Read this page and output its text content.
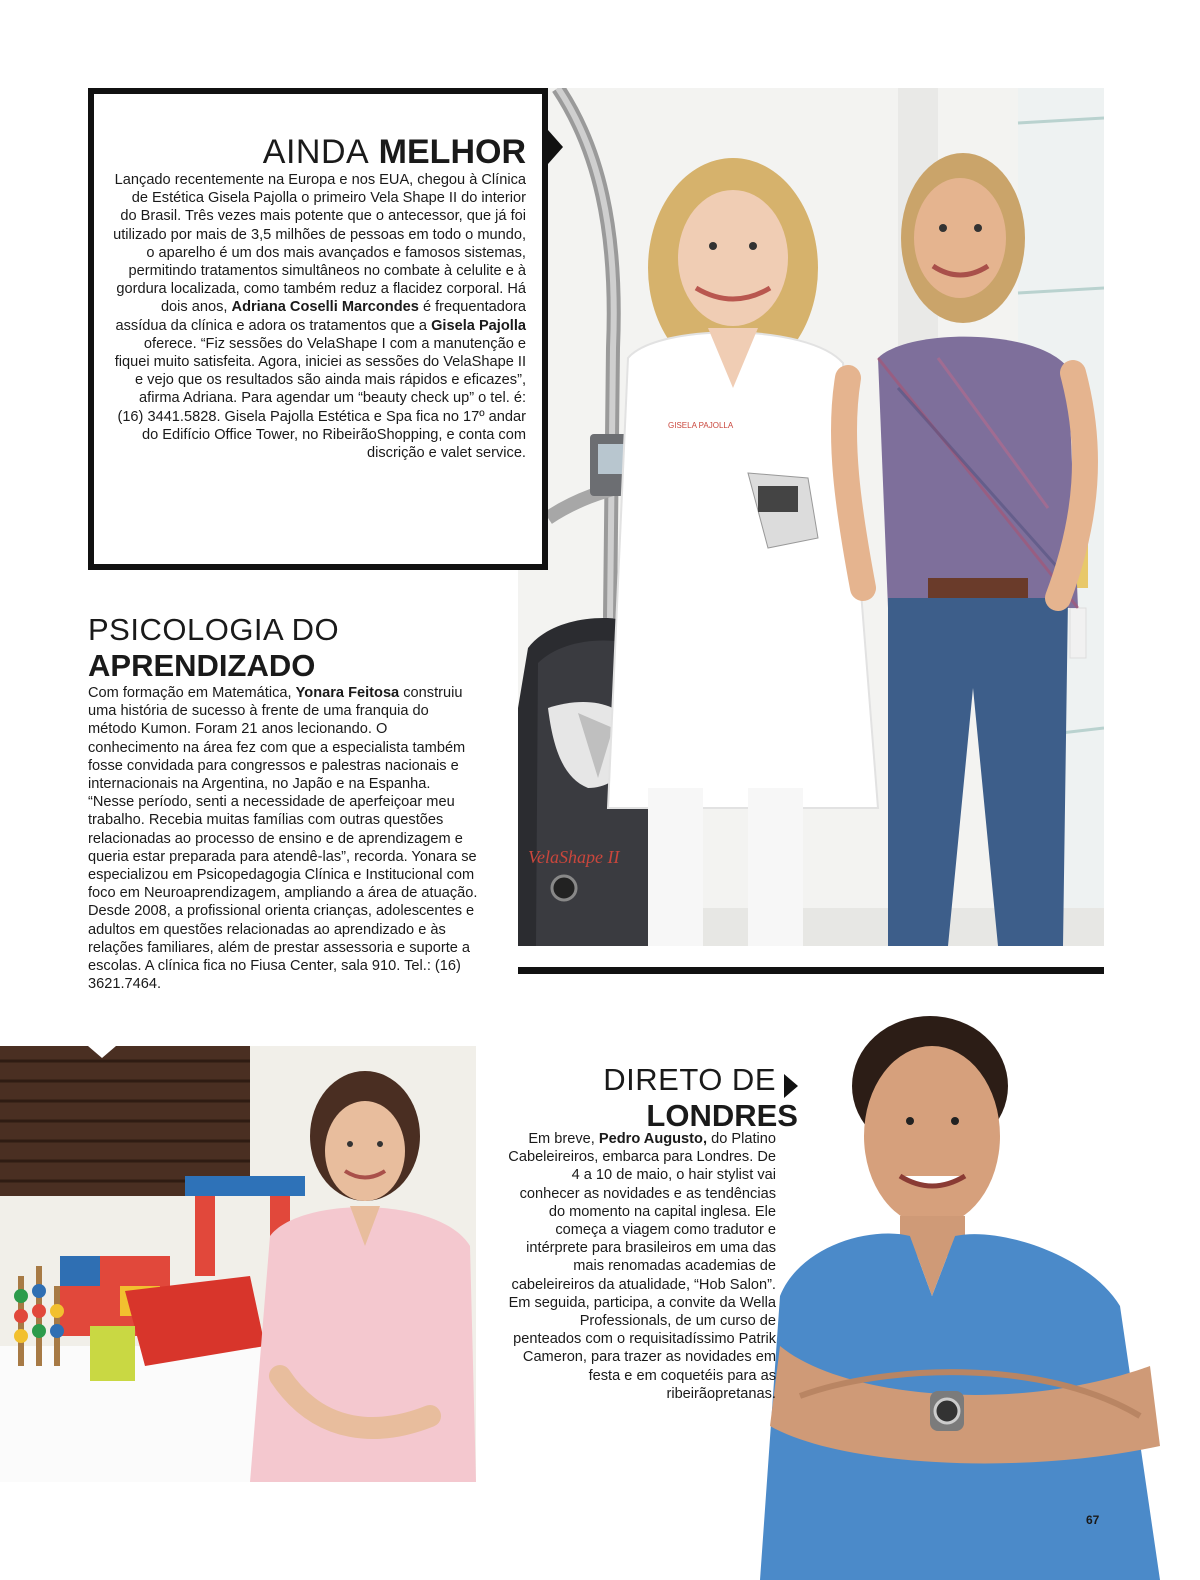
VelaShape II
GISELA PAJOLLA
AINDA MELHOR
Lançado recentemente na Europa e nos EUA, chegou à Clínica de Estética Gisela Pajolla o primeiro Vela Shape II do interior do Brasil. Três vezes mais potente que o antecessor, que já foi utilizado por mais de 3,5 milhões de pessoas em todo o mundo, o aparelho é um dos mais avançados e famosos sistemas, permitindo tratamentos simultâneos no combate à celulite e à gordura localizada, como também reduz a flacidez corporal. Há dois anos, Adriana Coselli Marcondes é frequentadora assídua da clínica e adora os tratamentos que a Gisela Pajolla oferece. “Fiz sessões do VelaShape I com a manutenção e fiquei muito satisfeita. Agora, iniciei as sessões do VelaShape II e vejo que os resultados são ainda mais rápidos e eficazes”, afirma Adriana. Para agendar um “beauty check up” o tel. é: (16) 3441.5828. Gisela Pajolla Estética e Spa fica no 17º andar do Edifício Office Tower, no RibeirãoShopping, e conta com discrição e valet service.
PSICOLOGIA DO
APRENDIZADO
Com formação em Matemática, Yonara Feitosa construiu uma história de sucesso à frente de uma franquia do método Kumon. Foram 21 anos lecionando. O conhecimento na área fez com que a especialista também fosse convidada para congressos e palestras nacionais e internacionais na Argentina, no Japão e na Espanha. “Nesse período, senti a necessidade de aperfeiçoar meu trabalho. Recebia muitas famílias com outras questões relacionadas ao processo de ensino e de aprendizagem e queria estar preparada para atendê-las”, recorda. Yonara se especializou em Psicopedagogia Clínica e Institucional com foco em Neuroaprendizagem, ampliando a área de atuação. Desde 2008, a profissional orienta crianças, adolescentes e adultos em questões relacionadas ao aprendizado e às relações familiares, além de prestar assessoria e suporte a escolas. A clínica fica no Fiusa Center, sala 910. Tel.: (16) 3621.7464.
DIRETO DE
LONDRES
Em breve, Pedro Augusto, do Platino Cabeleireiros, embarca para Londres. De 4 a 10 de maio, o hair stylist vai conhecer as novidades e as tendências do momento na capital inglesa. Ele começa a viagem como tradutor e intérprete para brasileiros em uma das mais renomadas academias de cabeleireiros da atualidade, “Hob Salon”. Em seguida, participa, a convite da Wella Professionals, de um curso de penteados com o requisitadíssimo Patrik Cameron, para trazer as novidades em festa e em coquetéis para as ribeirãopretanas.
67
